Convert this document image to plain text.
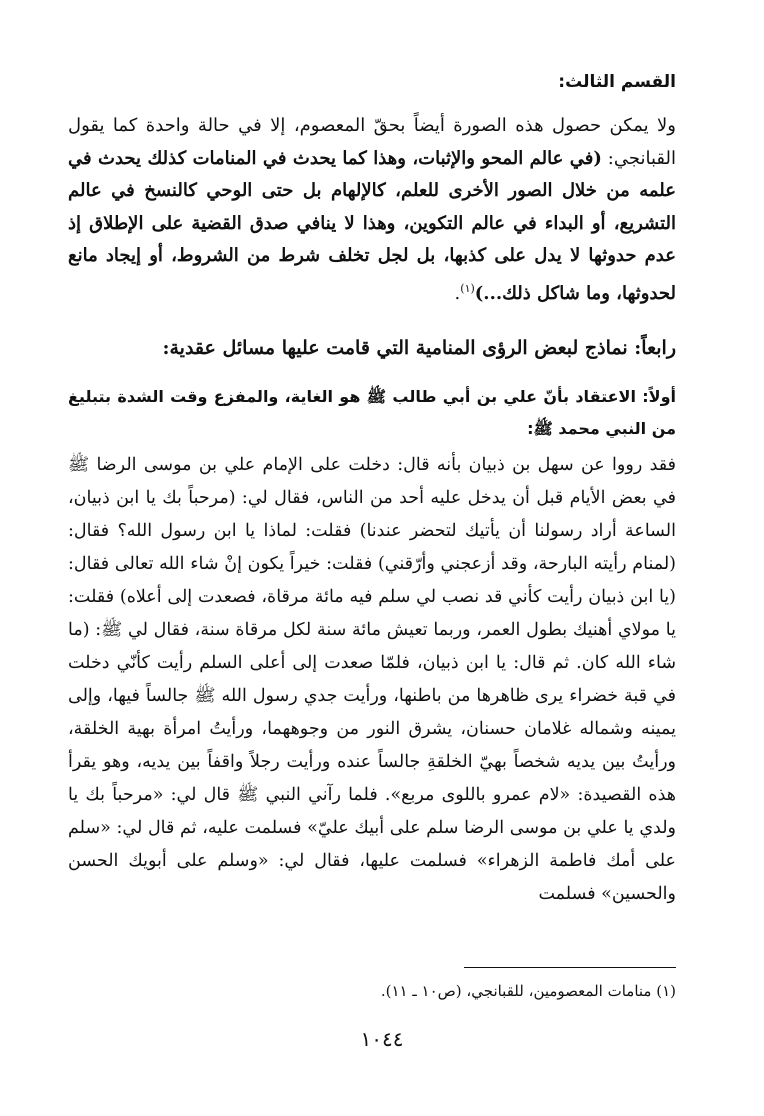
القسم الثالث:

ولا يمكن حصول هذه الصورة أيضاً بحقّ المعصوم، إلا في حالة واحدة كما يقول القبانجي: (في عالم المحو والإثبات، وهذا كما يحدث في المنامات كذلك يحدث في علمه من خلال الصور الأخرى للعلم، كالإلهام بل حتى الوحي كالنسخ في عالم التشريع، أو البداء في عالم التكوين، وهذا لا ينافي صدق القضية على الإطلاق إذ عدم حدوثها لا يدل على كذبها، بل لجل تخلف شرط من الشروط، أو إيجاد مانع لحدوثها، وما شاكل ذلك...)$^{(١)}$.

رابعاً: نماذج لبعض الرؤى المنامية التي قامت عليها مسائل عقدية:
أولاً: الاعتقاد بأنّ علي بن أبي طالب ﷺ هو الغاية، والمفزع وقت الشدة بتبليغ من النبي محمد ﷺ:

فقد رووا عن سهل بن ذبيان بأنه قال: دخلت على الإمام علي بن موسى الرضا ﷺ في بعض الأيام قبل أن يدخل عليه أحد من الناس، فقال لي: (مرحباً بك يا ابن ذبيان، الساعة أراد رسولنا أن يأتيك لتحضر عندنا) فقلت: لماذا يا ابن رسول الله؟ فقال: (لمنام رأيته البارحة، وقد أزعجني وأرّقني) فقلت: خيراً يكون إنْ شاء الله تعالى فقال: (يا ابن ذبيان رأيت كأني قد نصب لي سلم فيه مائة مرقاة، فصعدت إلى أعلاه) فقلت: يا مولاي أهنيك بطول العمر، وربما تعيش مائة سنة لكل مرقاة سنة، فقال لي ﷺ: (ما شاء الله كان. ثم قال: يا ابن ذبيان، فلمّا صعدت إلى أعلى السلم رأيت كأنّي دخلت في قبة خضراء يرى ظاهرها من باطنها، ورأيت جدي رسول الله ﷺ جالساً فيها، وإلى يمينه وشماله غلامان حسنان، يشرق النور من وجوههما، ورأيتُ امرأة بهية الخلقة، ورأيتُ بين يديه شخصاً بهيّ الخلقةِ جالساً عنده ورأيت رجلاً واقفاً بين يديه، وهو يقرأ هذه القصيدة: «لام عمرو باللوى مربع». فلما رآني النبي ﷺ قال لي: «مرحباً بك يا ولدي يا علي بن موسى الرضا سلم على أبيك عليّ» فسلمت عليه، ثم قال لي: «سلم على أمك فاطمة الزهراء» فسلمت عليها، فقال لي: «وسلم على أبويك الحسن والحسين» فسلمت

(١) منامات المعصومين، للقبانجي، (ص١٠ ـ ١١).
١٠٤٤
